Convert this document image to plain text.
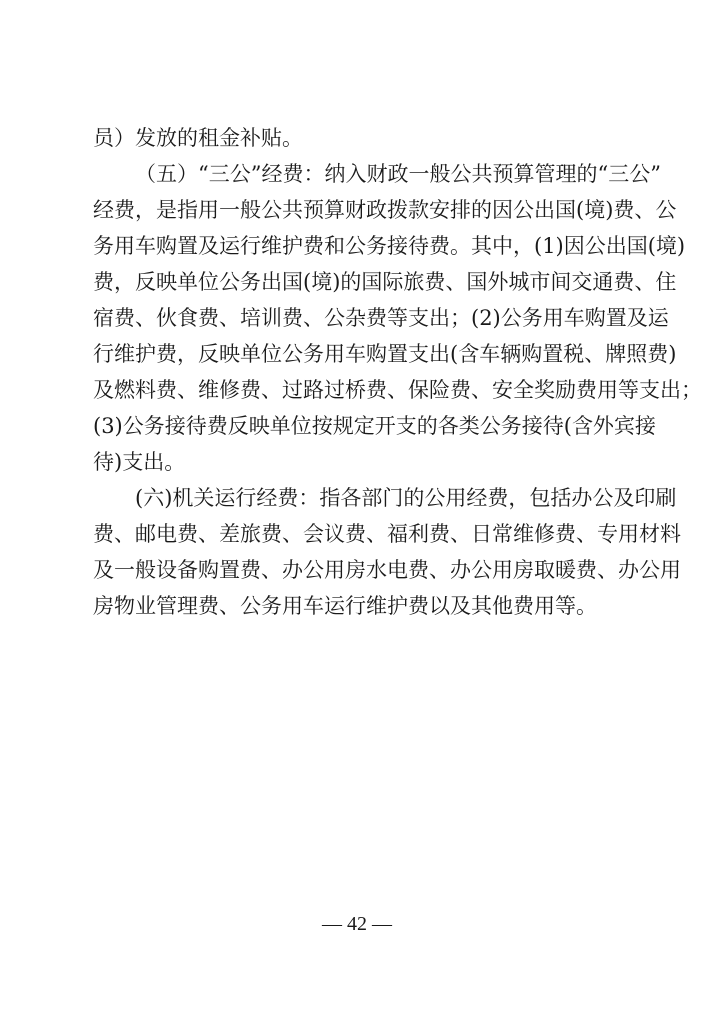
员）发放的租金补贴。
（五）“三公”经费：纳入财政一般公共预算管理的“三公”
经费，是指用一般公共预算财政拨款安排的因公出国(境)费、公
务用车购置及运行维护费和公务接待费。其中，(1)因公出国(境)
费，反映单位公务出国(境)的国际旅费、国外城市间交通费、住
宿费、伙食费、培训费、公杂费等支出；(2)公务用车购置及运
行维护费，反映单位公务用车购置支出(含车辆购置税、牌照费)
及燃料费、维修费、过路过桥费、保险费、安全奖励费用等支出；
(3)公务接待费反映单位按规定开支的各类公务接待(含外宾接
待)支出。
(六)机关运行经费：指各部门的公用经费，包括办公及印刷
费、邮电费、差旅费、会议费、福利费、日常维修费、专用材料
及一般设备购置费、办公用房水电费、办公用房取暖费、办公用
房物业管理费、公务用车运行维护费以及其他费用等。
— 42 —
